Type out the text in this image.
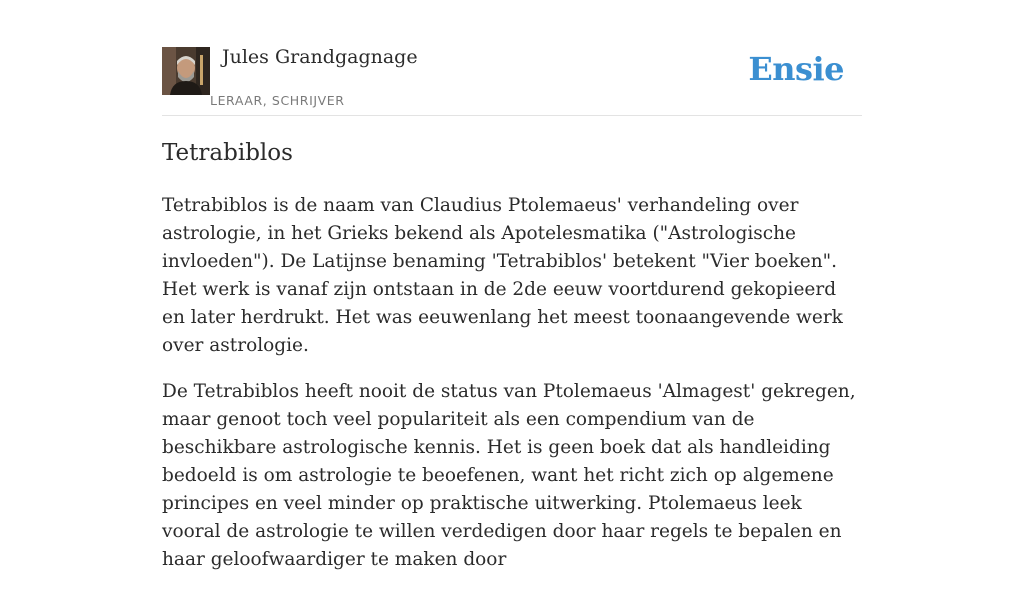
Jules Grandgagnage
LERAAR, SCHRIJVER
Ensie
Tetrabiblos

Tetrabiblos is de naam van Claudius Ptolemaeus' verhandeling over astrologie, in het Grieks bekend als Apotelesmatika ("Astrologische invloeden"). De Latijnse benaming 'Tetrabiblos' betekent "Vier boeken". Het werk is vanaf zijn ontstaan in de 2de eeuw voortdurend gekopieerd en later herdrukt. Het was eeuwenlang het meest toonaangevende werk over astrologie.

De Tetrabiblos heeft nooit de status van Ptolemaeus 'Almagest' gekregen, maar genoot toch veel populariteit als een compendium van de beschikbare astrologische kennis. Het is geen boek dat als handleiding bedoeld is om astrologie te beoefenen, want het richt zich op algemene principes en veel minder op praktische uitwerking. Ptolemaeus leek vooral de astrologie te willen verdedigen door haar regels te bepalen en haar geloofwaardiger te maken door
